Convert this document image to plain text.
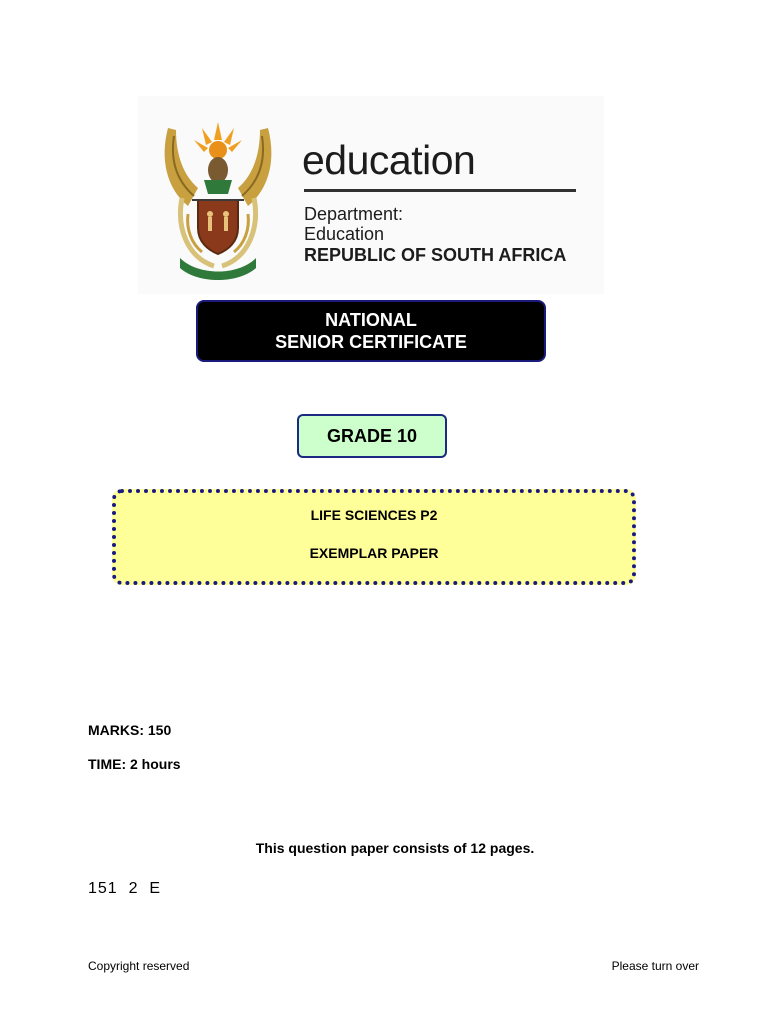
education
Department:
Education
REPUBLIC OF SOUTH AFRICA
NATIONAL
SENIOR CERTIFICATE
GRADE 10
LIFE SCIENCES P2
EXEMPLAR PAPER
MARKS: 150
TIME: 2 hours
This question paper consists of 12 pages.
151  2  E
Copyright reserved	Please turn over
